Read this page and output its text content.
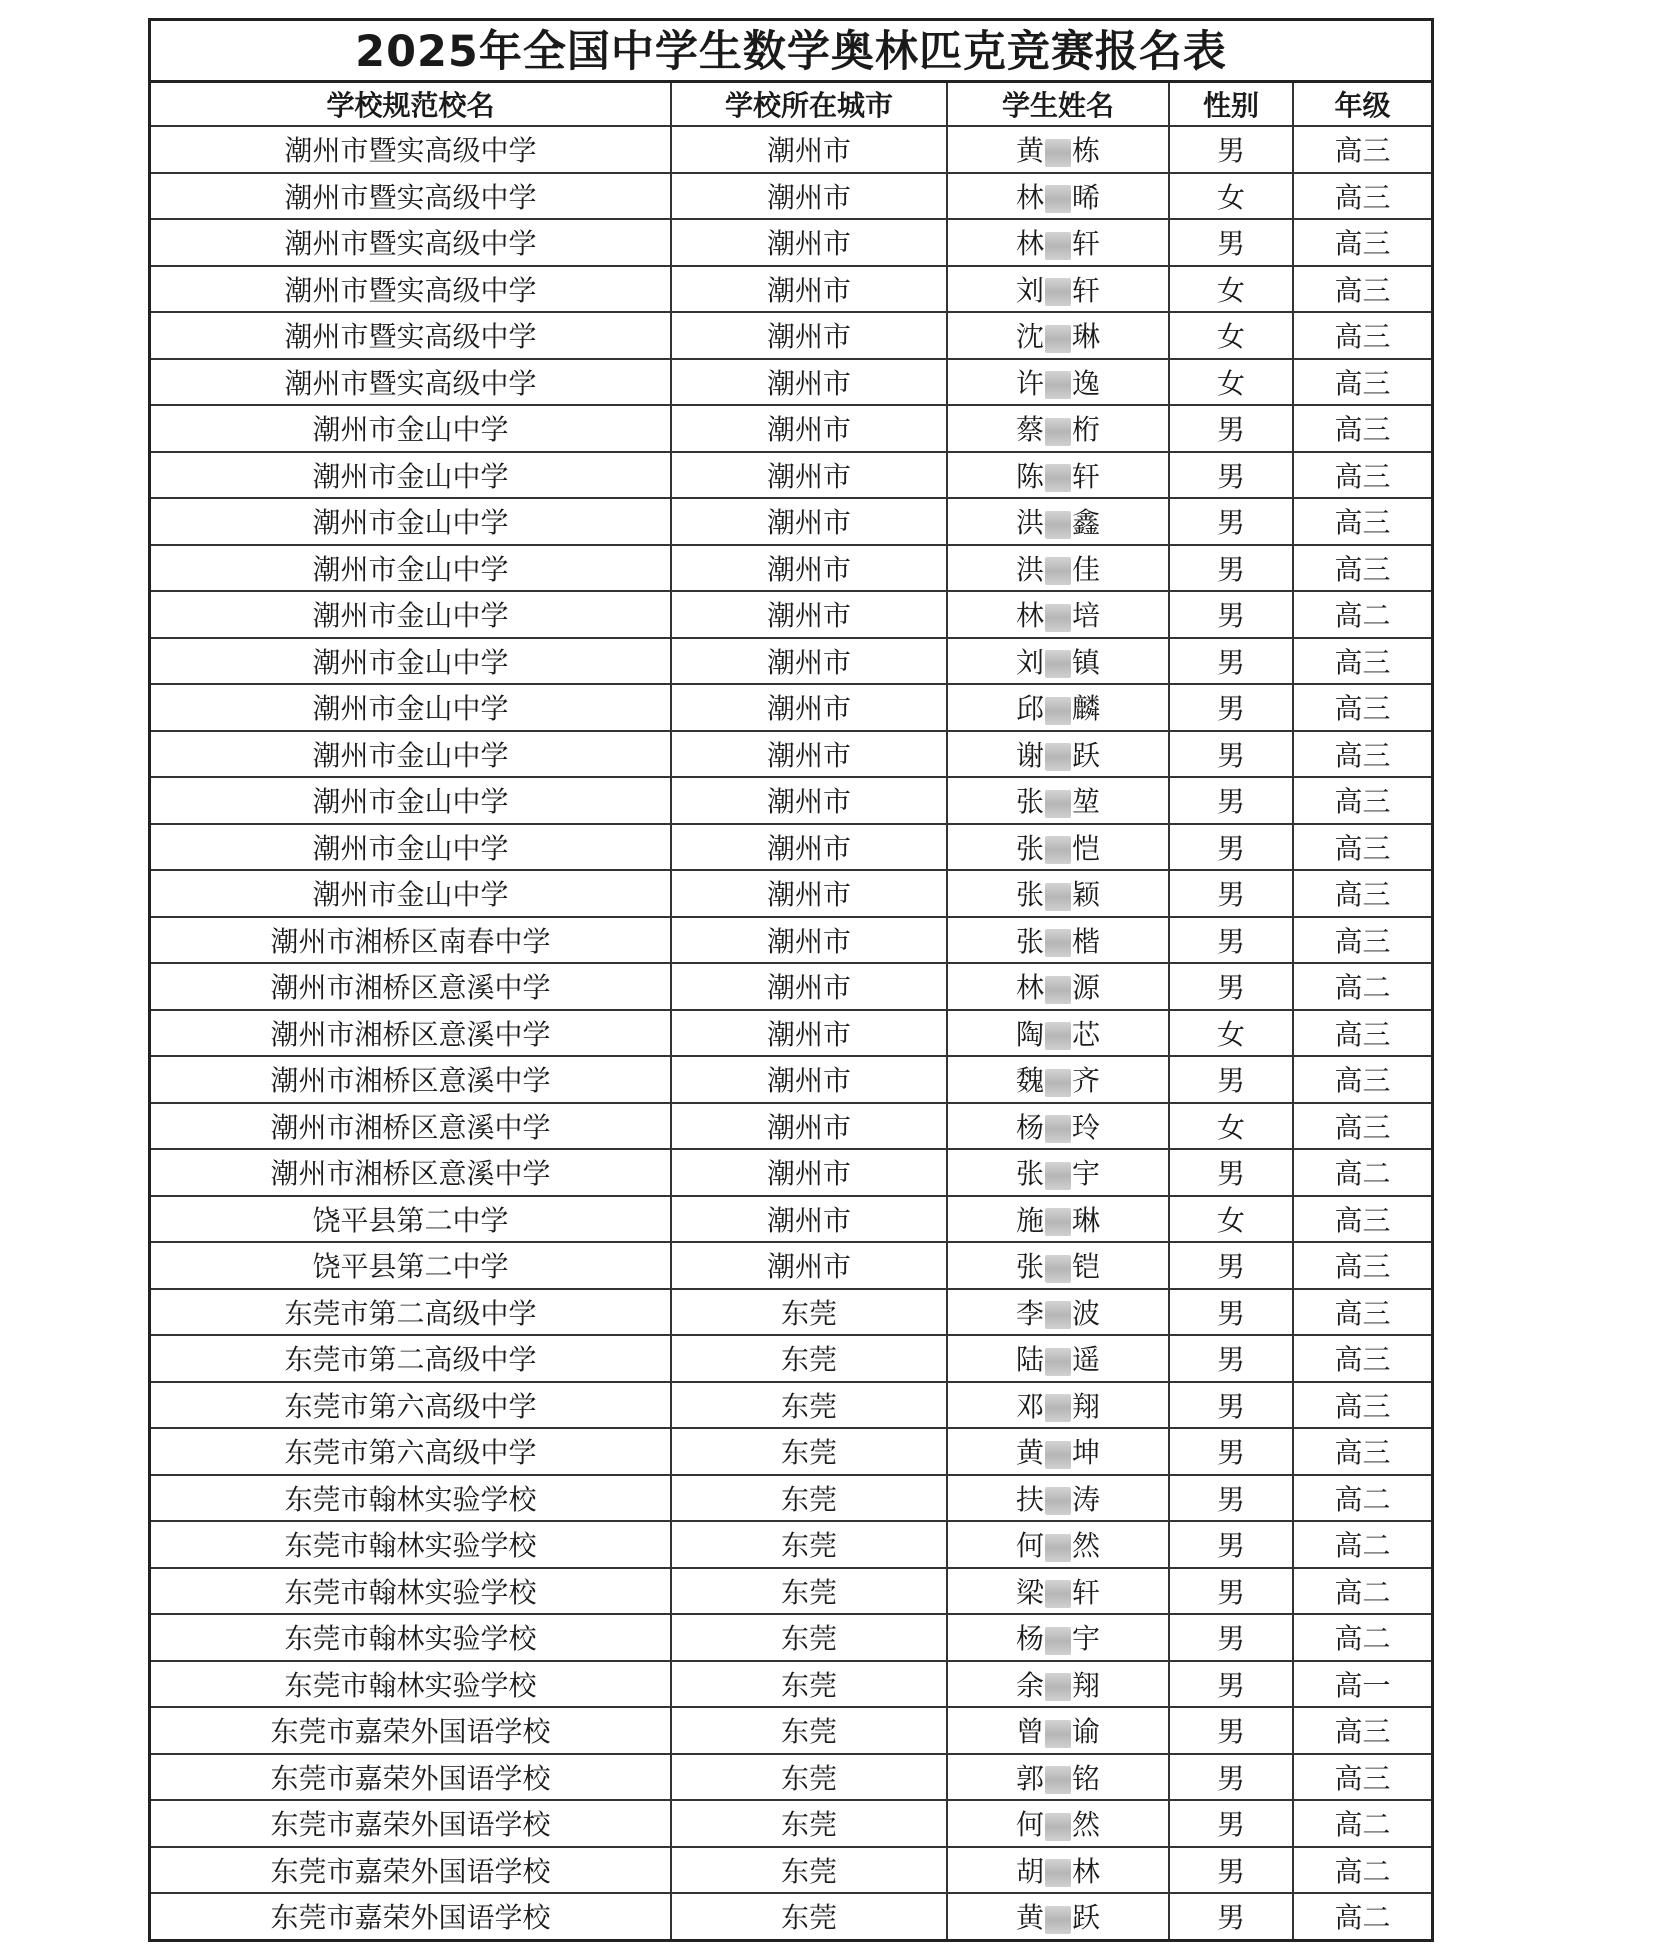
2025年全国中学生数学奥林匹克竞赛报名表
学校规范校名	学校所在城市	学生姓名	性别	年级
潮州市暨实高级中学	潮州市	黄 栋	男	高三
潮州市暨实高级中学	潮州市	林 晞	女	高三
潮州市暨实高级中学	潮州市	林 轩	男	高三
潮州市暨实高级中学	潮州市	刘 轩	女	高三
潮州市暨实高级中学	潮州市	沈 琳	女	高三
潮州市暨实高级中学	潮州市	许 逸	女	高三
潮州市金山中学	潮州市	蔡 桁	男	高三
潮州市金山中学	潮州市	陈 轩	男	高三
潮州市金山中学	潮州市	洪 鑫	男	高三
潮州市金山中学	潮州市	洪 佳	男	高三
潮州市金山中学	潮州市	林 培	男	高二
潮州市金山中学	潮州市	刘 镇	男	高三
潮州市金山中学	潮州市	邱 麟	男	高三
潮州市金山中学	潮州市	谢 跃	男	高三
潮州市金山中学	潮州市	张 堃	男	高三
潮州市金山中学	潮州市	张 恺	男	高三
潮州市金山中学	潮州市	张 颖	男	高三
潮州市湘桥区南春中学	潮州市	张 楷	男	高三
潮州市湘桥区意溪中学	潮州市	林 源	男	高二
潮州市湘桥区意溪中学	潮州市	陶 芯	女	高三
潮州市湘桥区意溪中学	潮州市	魏 齐	男	高三
潮州市湘桥区意溪中学	潮州市	杨 玲	女	高三
潮州市湘桥区意溪中学	潮州市	张 宇	男	高二
饶平县第二中学	潮州市	施 琳	女	高三
饶平县第二中学	潮州市	张 铠	男	高三
东莞市第二高级中学	东莞	李 波	男	高三
东莞市第二高级中学	东莞	陆 遥	男	高三
东莞市第六高级中学	东莞	邓 翔	男	高三
东莞市第六高级中学	东莞	黄 坤	男	高三
东莞市翰林实验学校	东莞	扶 涛	男	高二
东莞市翰林实验学校	东莞	何 然	男	高二
东莞市翰林实验学校	东莞	梁 轩	男	高二
东莞市翰林实验学校	东莞	杨 宇	男	高二
东莞市翰林实验学校	东莞	余 翔	男	高一
东莞市嘉荣外国语学校	东莞	曾 谕	男	高三
东莞市嘉荣外国语学校	东莞	郭 铭	男	高三
东莞市嘉荣外国语学校	东莞	何 然	男	高二
东莞市嘉荣外国语学校	东莞	胡 林	男	高二
东莞市嘉荣外国语学校	东莞	黄 跃	男	高二
